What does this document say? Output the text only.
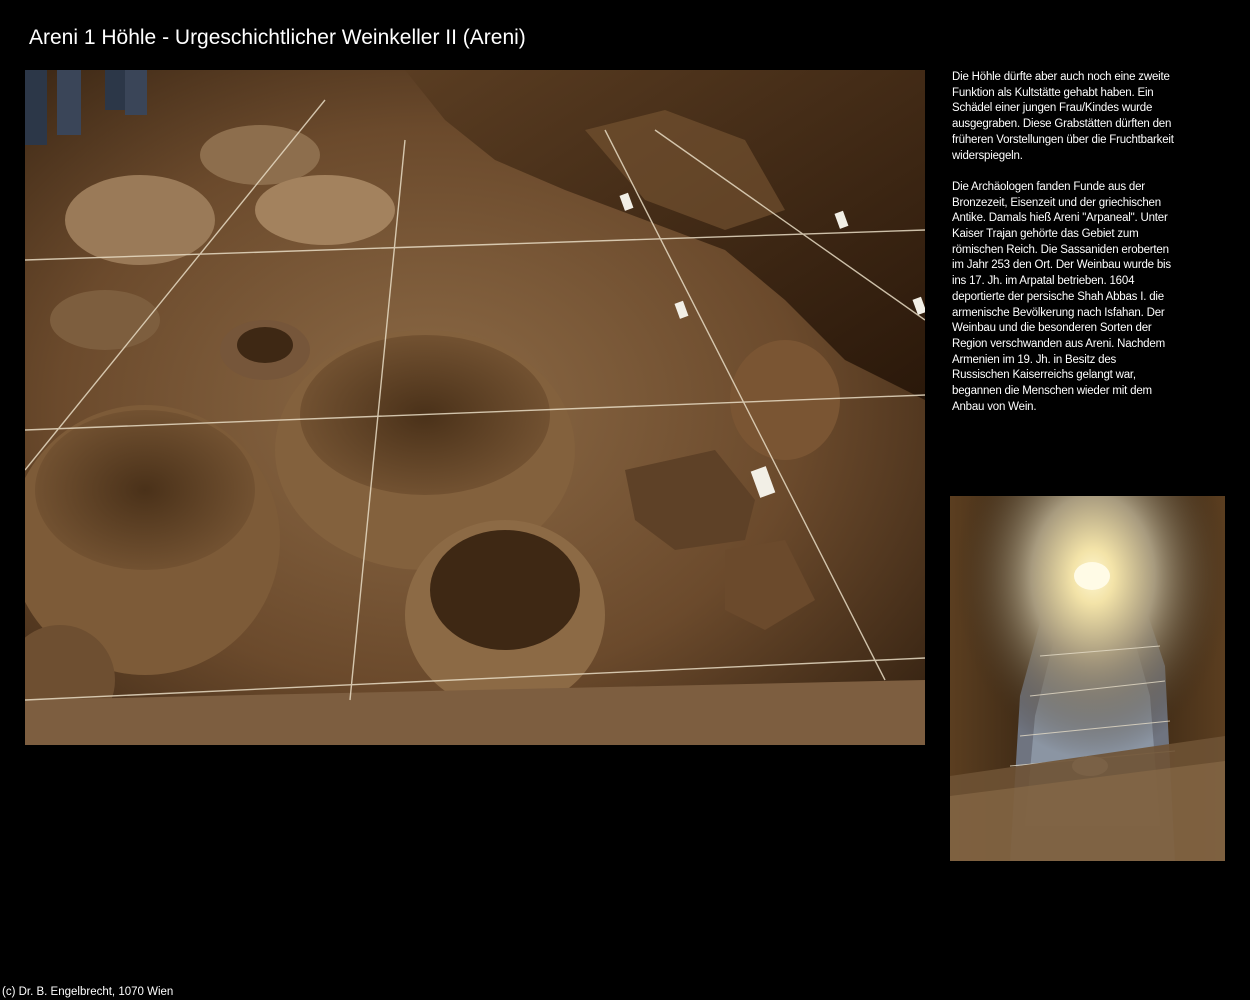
Areni 1 Höhle - Urgeschichtlicher Weinkeller II (Areni)

Die Höhle dürfte aber auch noch eine zweite Funktion als Kultstätte gehabt haben. Ein Schädel einer jungen Frau/Kindes wurde ausgegraben. Diese Grabstätten dürften den früheren Vorstellungen über die Fruchtbarkeit widerspiegeln.

Die Archäologen fanden Funde aus der Bronzezeit, Eisenzeit und der griechischen Antike. Damals hieß Areni "Arpaneal". Unter Kaiser Trajan gehörte das Gebiet zum römischen Reich. Die Sassaniden eroberten im Jahr 253 den Ort. Der Weinbau wurde bis ins 17. Jh. im Arpatal betrieben. 1604 deportierte der persische Shah Abbas I. die armenische Bevölkerung nach Isfahan. Der Weinbau und die besonderen Sorten der Region verschwanden aus Areni. Nachdem Armenien im 19. Jh. in Besitz des Russischen Kaiserreichs gelangt war, begannen die Menschen wieder mit dem Anbau von Wein.

(c) Dr. B. Engelbrecht, 1070 Wien
